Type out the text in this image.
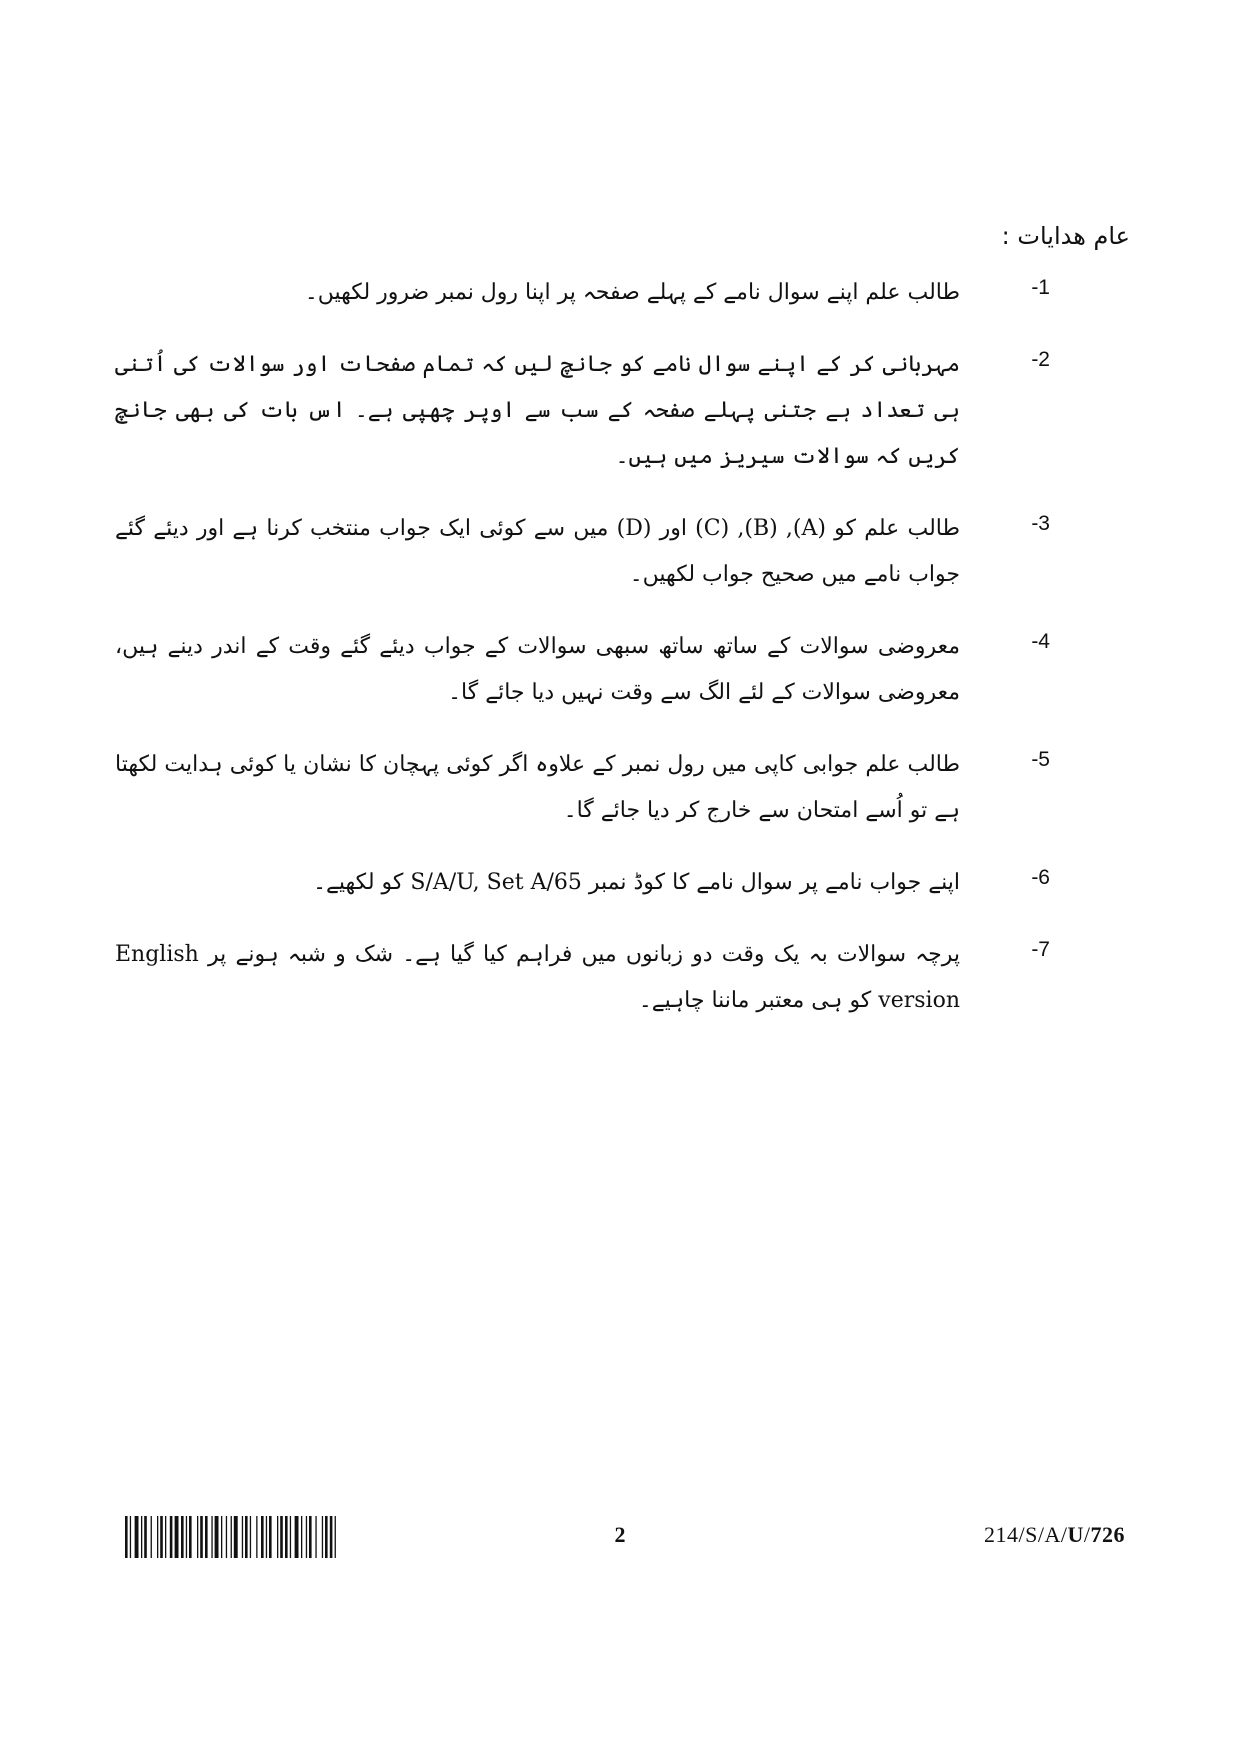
عام ھدایات :
-1
طالب علم اپنے سوال نامے کے پہلے صفحہ پر اپنا رول نمبر ضرور لکھیں۔
-2
مہربانی کر کے اپنے سوال نامے کو جانچ لیں کہ تمام صفحات اور سوالات کی اُتنی ہی تعداد ہے جتنی پہلے صفحہ کے سب سے اوپر چھپی ہے۔ اس بات کی بھی جانچ کریں کہ سوالات سیریز میں ہیں۔
-3
طالب علم کو (A), (B), (C) اور (D) میں سے کوئی ایک جواب منتخب کرنا ہے اور دیئے گئے جواب نامے میں صحیح جواب لکھیں۔
-4
معروضی سوالات کے ساتھ ساتھ سبھی سوالات کے جواب دیئے گئے وقت کے اندر دینے ہیں، معروضی سوالات کے لئے الگ سے وقت نہیں دیا جائے گا۔
-5
طالب علم جوابی کاپی میں رول نمبر کے علاوہ اگر کوئی پہچان کا نشان یا کوئی ہدایت لکھتا ہے تو اُسے امتحان سے خارج کر دیا جائے گا۔
-6
اپنے جواب نامے پر سوال نامے کا کوڈ نمبر 65/S/A/U, Set A کو لکھیے۔
-7
پرچہ سوالات بہ یک وقت دو زبانوں میں فراہم کیا گیا ہے۔ شک و شبہ ہونے پر English version کو ہی معتبر ماننا چاہیے۔
2	214/S/A/U/726
